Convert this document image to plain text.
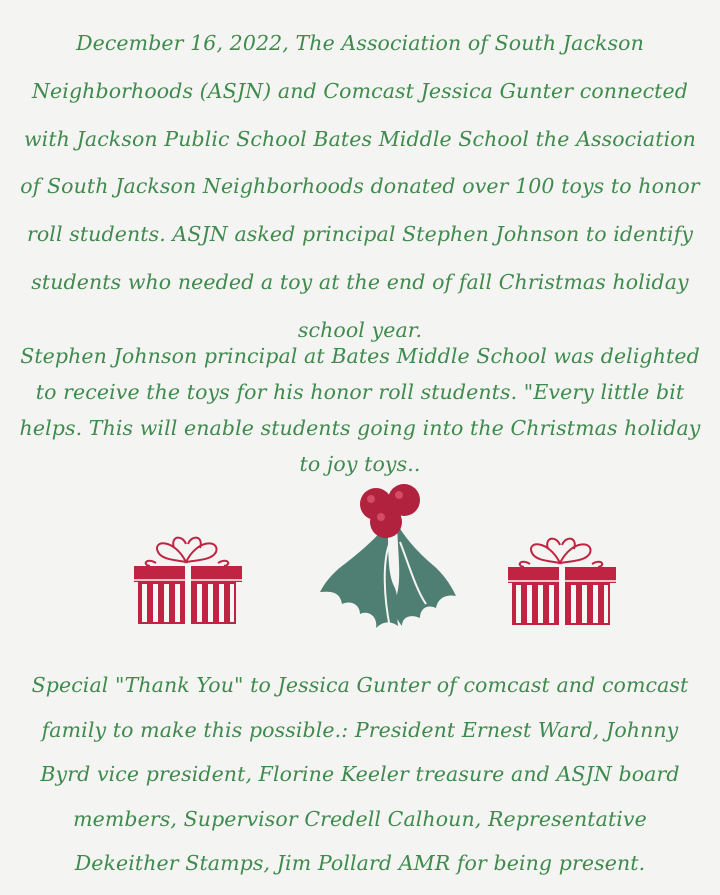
December 16, 2022, The Association of South Jackson Neighborhoods (ASJN) and Comcast Jessica Gunter connected with Jackson Public School Bates Middle School the Association of South Jackson Neighborhoods donated over 100 toys to honor roll students. ASJN asked principal Stephen Johnson to identify students who needed a toy at the end of fall Christmas holiday school year.
Stephen Johnson principal at Bates Middle School was delighted to receive the toys for his honor roll students. "Every little bit helps. This will enable students going into the Christmas holiday to joy toys..
Special "Thank You" to Jessica Gunter of comcast and comcast family to make this possible.: President Ernest Ward, Johnny Byrd vice president, Florine Keeler treasure and ASJN board members, Supervisor Credell Calhoun, Representative Dekeither Stamps, Jim Pollard AMR for being present.
